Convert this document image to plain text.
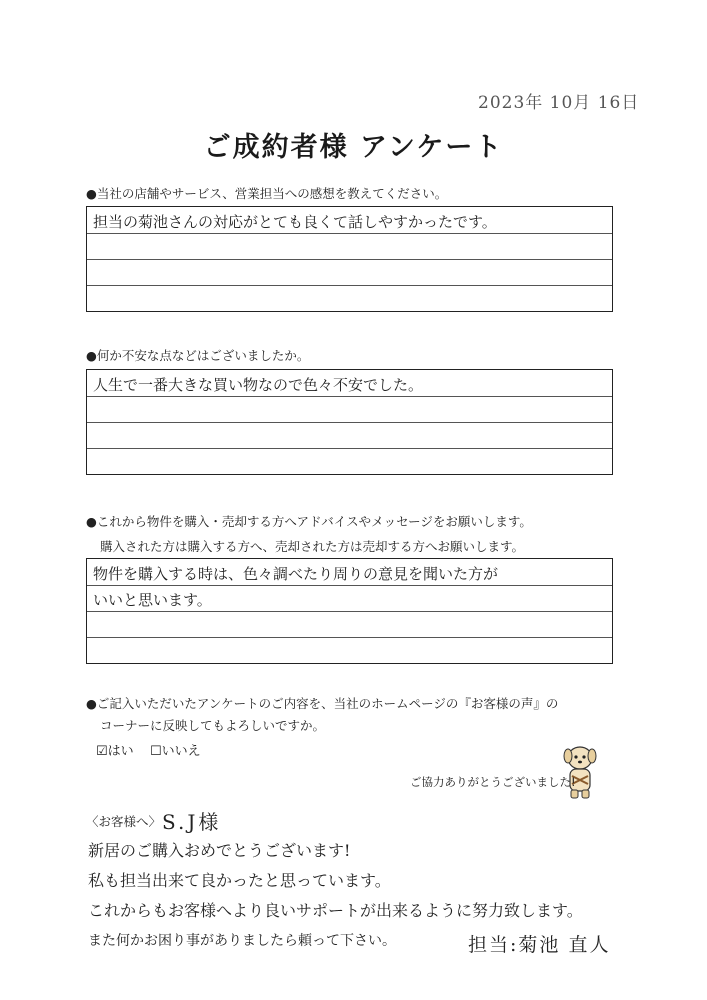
2023年 10月 16日
ご成約者様 アンケート
●当社の店舗やサービス、営業担当への感想を教えてください。
担当の菊池さんの対応がとても良くて話しやすかったです。
●何か不安な点などはございましたか。
人生で一番大きな買い物なので色々不安でした。
●これから物件を購入・売却する方へアドバイスやメッセージをお願いします。
購入された方は購入する方へ、売却された方は売却する方へお願いします。
物件を購入する時は、色々調べたり周りの意見を聞いた方が
いいと思います。
●ご記入いただいたアンケートのご内容を、当社のホームページの『お客様の声』の
コーナーに反映してもよろしいですか。
☑はい ☐いいえ
ご協力ありがとうございました!
〈お客様へ〉 S.J様
新居のご購入おめでとうございます!
私も担当出来て良かったと思っています。
これからもお客様へより良いサポートが出来るように努力致します。
また何かお困り事がありましたら頼って下さい。	担当:菊池 直人
